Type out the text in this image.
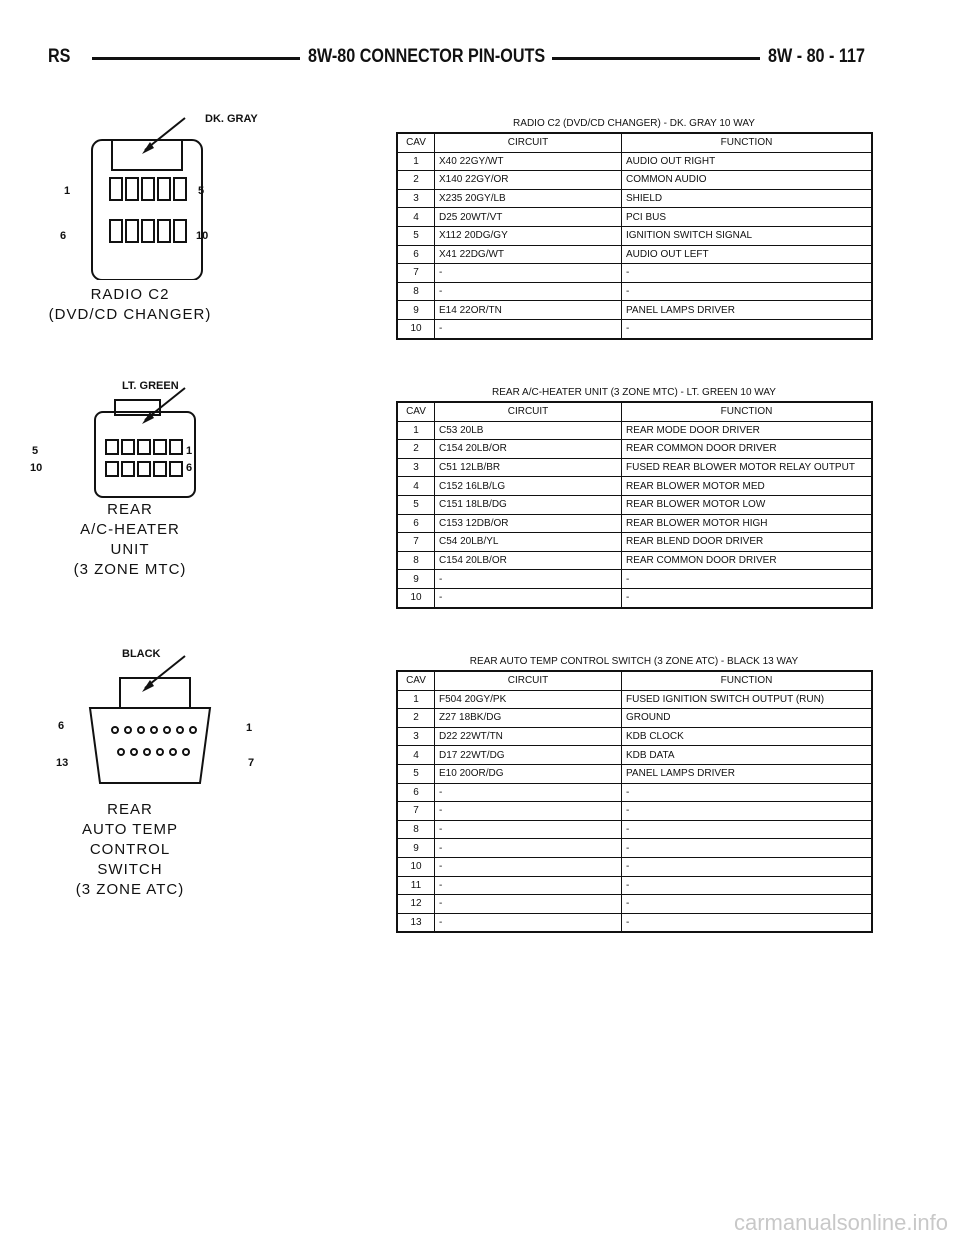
RS	8W-80 CONNECTOR PIN-OUTS	8W - 80 - 117
RADIO C2 (DVD/CD CHANGER) - DK. GRAY 10 WAY
CAV	CIRCUIT	FUNCTION
1	X40 22GY/WT	AUDIO OUT RIGHT
2	X140 22GY/OR	COMMON AUDIO
3	X235 20GY/LB	SHIELD
4	D25 20WT/VT	PCI BUS
5	X112 20DG/GY	IGNITION SWITCH SIGNAL
6	X41 22DG/WT	AUDIO OUT LEFT
7	-	-
8	-	-
9	E14 22OR/TN	PANEL LAMPS DRIVER
10	-	-
DK. GRAY
1	5
6	10
RADIO C2
(DVD/CD CHANGER)
REAR A/C-HEATER UNIT (3 ZONE MTC) - LT. GREEN 10 WAY
CAV	CIRCUIT	FUNCTION
1	C53 20LB	REAR MODE DOOR DRIVER
2	C154 20LB/OR	REAR COMMON DOOR DRIVER
3	C51 12LB/BR	FUSED REAR BLOWER MOTOR RELAY OUTPUT
4	C152 16LB/LG	REAR BLOWER MOTOR MED
5	C151 18LB/DG	REAR BLOWER MOTOR LOW
6	C153 12DB/OR	REAR BLOWER MOTOR HIGH
7	C54 20LB/YL	REAR BLEND DOOR DRIVER
8	C154 20LB/OR	REAR COMMON DOOR DRIVER
9	-	-
10	-	-
LT. GREEN
5	1
10	6
REAR
A/C-HEATER
UNIT
(3 ZONE MTC)
REAR AUTO TEMP CONTROL SWITCH (3 ZONE ATC) - BLACK 13 WAY
CAV	CIRCUIT	FUNCTION
1	F504 20GY/PK	FUSED IGNITION SWITCH OUTPUT (RUN)
2	Z27 18BK/DG	GROUND
3	D22 22WT/TN	KDB CLOCK
4	D17 22WT/DG	KDB DATA
5	E10 20OR/DG	PANEL LAMPS DRIVER
6	-	-
7	-	-
8	-	-
9	-	-
10	-	-
11	-	-
12	-	-
13	-	-
BLACK
6	1
13	7
REAR
AUTO TEMP
CONTROL
SWITCH
(3 ZONE ATC)
carmanualsonline.info
